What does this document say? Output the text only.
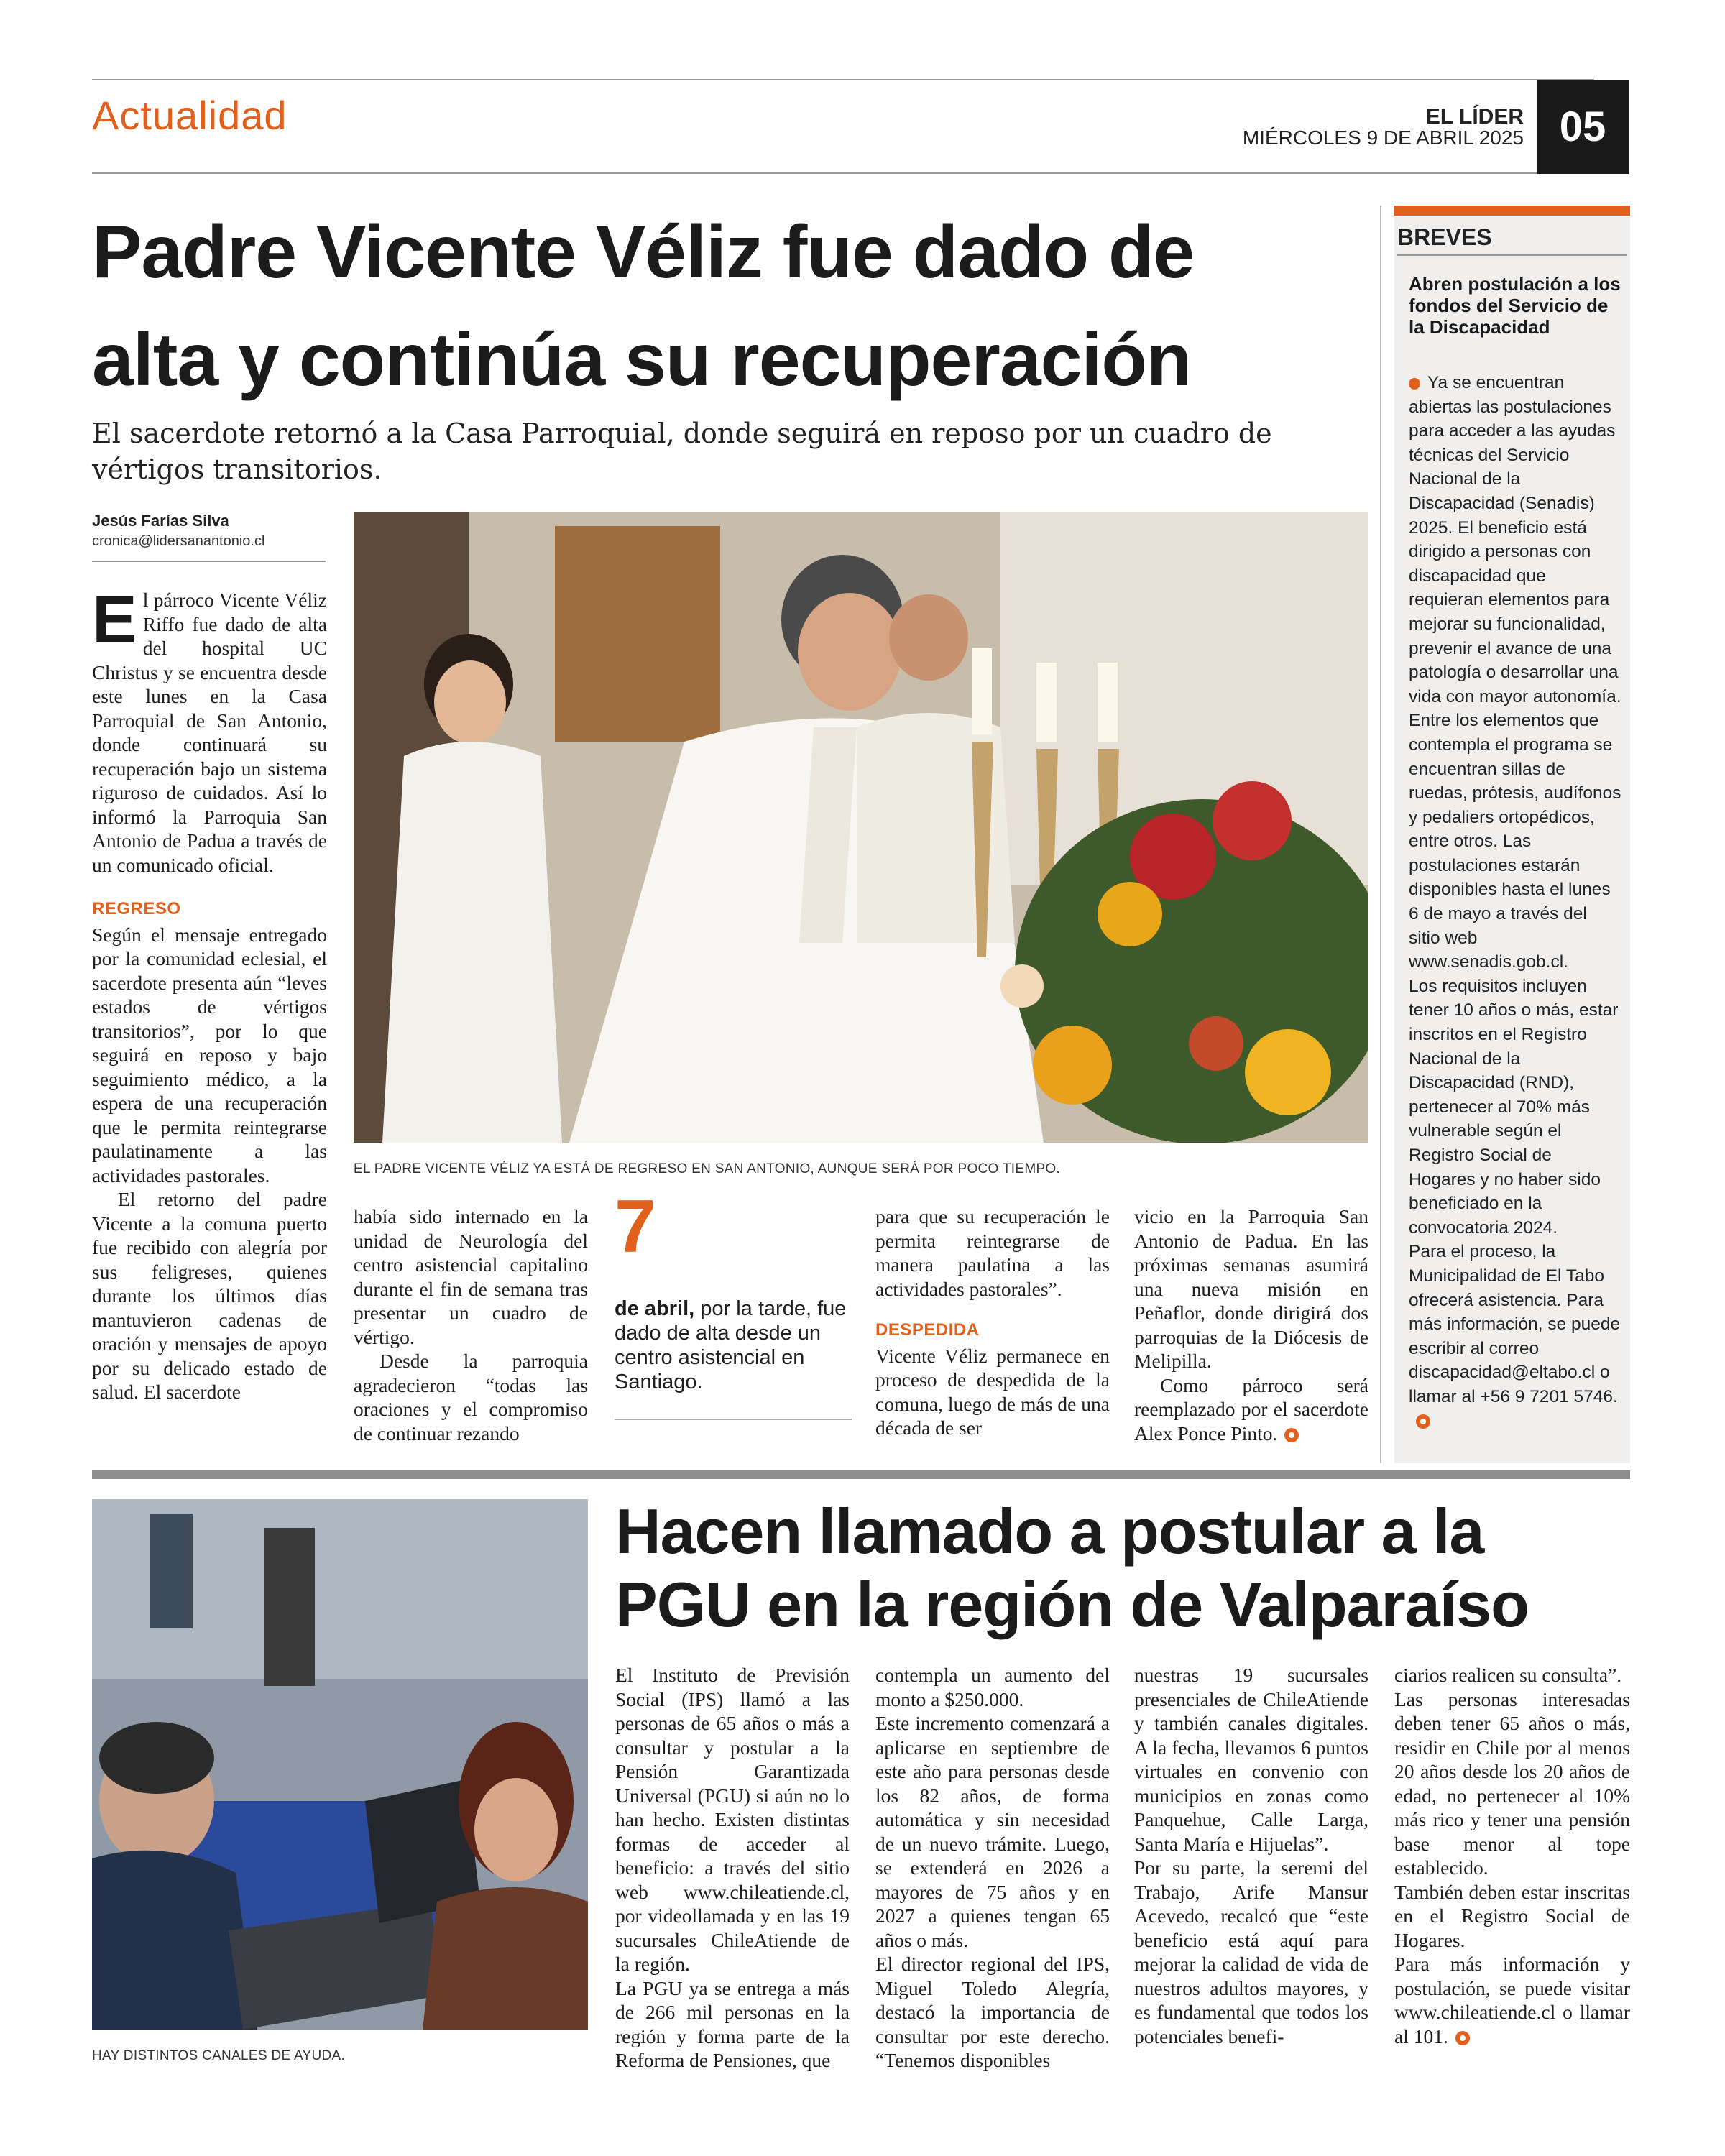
Actualidad	EL LÍDER
MIÉRCOLES 9 DE ABRIL 2025 05
Padre Vicente Véliz fue dado de
alta y continúa su recuperación
El sacerdote retornó a la Casa Parroquial, donde seguirá en reposo por un cuadro de vértigos transitorios.
Jesús Farías Silva
cronica@lidersanantonio.cl
EL PADRE VICENTE VÉLIZ YA ESTÁ DE REGRESO EN SAN ANTONIO, AUNQUE SERÁ POR POCO TIEMPO.

El párroco Vicente Véliz Riffo fue dado de alta del hospital UC Christus y se encuentra desde este lunes en la Casa Parroquial de San Antonio, donde continuará su recuperación bajo un sistema riguroso de cuidados. Así lo informó la Parroquia San Antonio de Padua a través de un comunicado oficial.

REGRESO

Según el mensaje entregado por la comunidad eclesial, el sacerdote presenta aún “leves estados de vértigos transitorios”, por lo que seguirá en reposo y bajo seguimiento médico, a la espera de una recuperación que le permita reintegrarse paulatinamente a las actividades pastorales.

El retorno del padre Vicente a la comuna puerto fue recibido con alegría por sus feligreses, quienes durante los últimos días mantuvieron cadenas de oración y mensajes de apoyo por su delicado estado de salud. El sacerdote

había sido internado en la unidad de Neurología del centro asistencial capitalino durante el fin de semana tras presentar un cuadro de vértigo.

Desde la parroquia agradecieron “todas las oraciones y el compromiso de continuar rezando

7
de abril, por la tarde, fue dado de alta desde un centro asistencial en Santiago.

para que su recuperación le permita reintegrarse de manera paulatina a las actividades pastorales”.

DESPEDIDA

Vicente Véliz permanece en proceso de despedida de la comuna, luego de más de una década de ser

vicio en la Parroquia San Antonio de Padua. En las próximas semanas asumirá una nueva misión en Peñaflor, donde dirigirá dos parroquias de la Diócesis de Melipilla.

Como párroco será reemplazado por el sacerdote Alex Ponce Pinto.

BREVES
Abren postulación a los fondos del Servicio de la Discapacidad
Ya se encuentran abiertas las postulaciones para acceder a las ayudas técnicas del Servicio Nacional de la Discapacidad (Senadis) 2025. El beneficio está dirigido a personas con discapacidad que requieran elementos para mejorar su funcionalidad, prevenir el avance de una patología o desarrollar una vida con mayor autonomía. Entre los elementos que contempla el programa se encuentran sillas de ruedas, prótesis, audífonos y pedaliers ortopédicos, entre otros. Las postulaciones estarán disponibles hasta el lunes 6 de mayo a través del sitio web www.senadis.gob.cl.
Los requisitos incluyen tener 10 años o más, estar inscritos en el Registro Nacional de la Discapacidad (RND), pertenecer al 70% más vulnerable según el Registro Social de Hogares y no haber sido beneficiado en la convocatoria 2024.
Para el proceso, la Municipalidad de El Tabo ofrecerá asistencia. Para más información, se puede escribir al correo discapacidad@eltabo.cl o llamar al +56 9 7201 5746.
HAY DISTINTOS CANALES DE AYUDA.
Hacen llamado a postular a la
PGU en la región de Valparaíso

El Instituto de Previsión Social (IPS) llamó a las personas de 65 años o más a consultar y postular a la Pensión Garantizada Universal (PGU) si aún no lo han hecho. Existen distintas formas de acceder al beneficio: a través del sitio web www.chileatiende.cl, por videollamada y en las 19 sucursales ChileAtiende de la región.

La PGU ya se entrega a más de 266 mil personas en la región y forma parte de la Reforma de Pensiones, que

contempla un aumento del monto a $250.000.

Este incremento comenzará a aplicarse en septiembre de este año para personas desde los 82 años, de forma automática y sin necesidad de un nuevo trámite. Luego, se extenderá en 2026 a mayores de 75 años y en 2027 a quienes tengan 65 años o más.

El director regional del IPS, Miguel Toledo Alegría, destacó la importancia de consultar por este derecho. “Tenemos disponibles

nuestras 19 sucursales presenciales de ChileAtiende y también canales digitales. A la fecha, llevamos 6 puntos virtuales en convenio con municipios en zonas como Panquehue, Calle Larga, Santa María e Hijuelas”.

Por su parte, la seremi del Trabajo, Arife Mansur Acevedo, recalcó que “este beneficio está aquí para mejorar la calidad de vida de nuestros adultos mayores, y es fundamental que todos los potenciales benefi-

ciarios realicen su consulta”.

Las personas interesadas deben tener 65 años o más, residir en Chile por al menos 20 años desde los 20 años de edad, no pertenecer al 10% más rico y tener una pensión base menor al tope establecido.

También deben estar inscritas en el Registro Social de Hogares.

Para más información y postulación, se puede visitar www.chileatiende.cl o llamar al 101.
